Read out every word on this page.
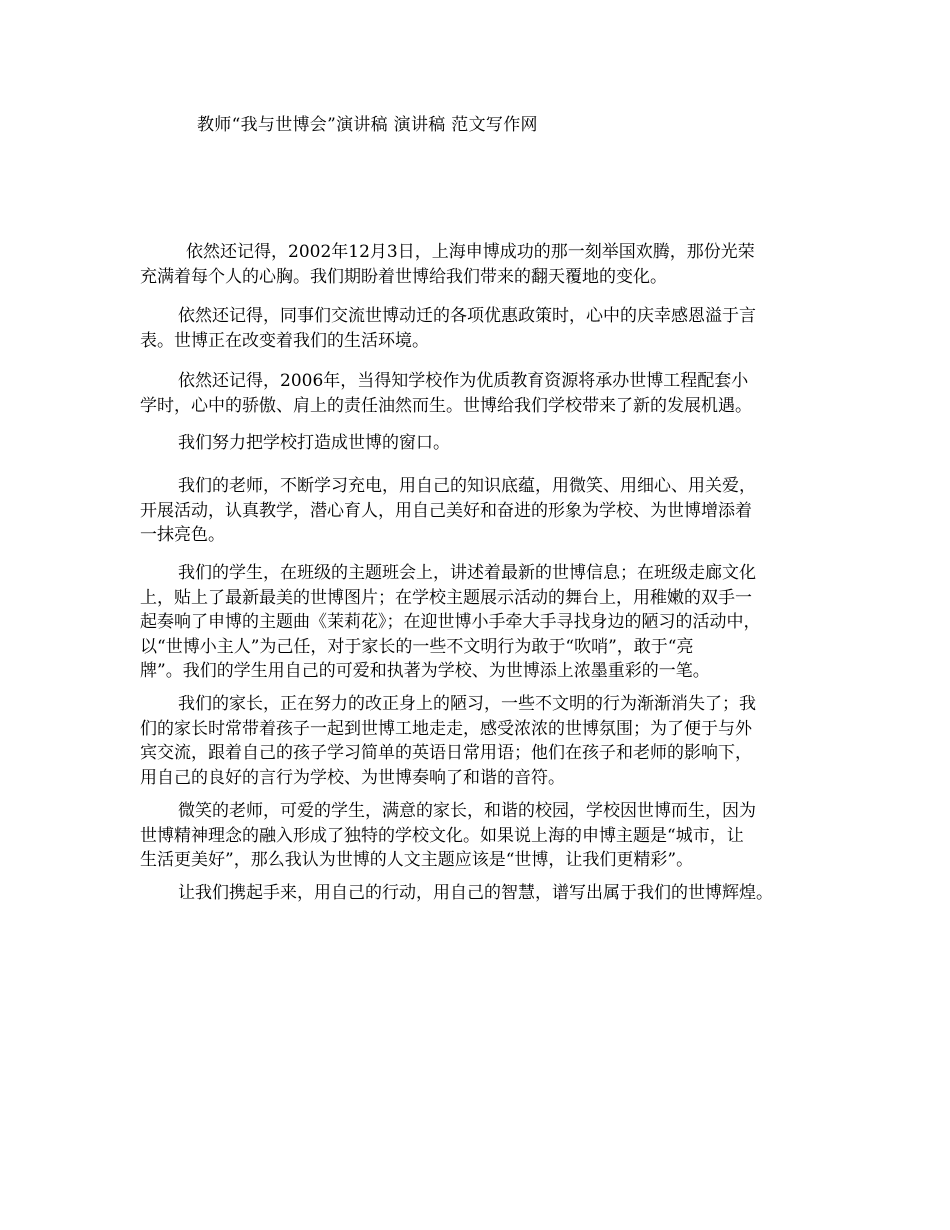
教师“我与世博会”演讲稿 演讲稿 范文写作网

依然还记得，2002年12月3日，上海申博成功的那一刻举国欢腾，那份光荣
充满着每个人的心胸。我们期盼着世博给我们带来的翻天覆地的变化。

依然还记得，同事们交流世博动迁的各项优惠政策时，心中的庆幸感恩溢于言
表。世博正在改变着我们的生活环境。

依然还记得，2006年，当得知学校作为优质教育资源将承办世博工程配套小
学时，心中的骄傲、肩上的责任油然而生。世博给我们学校带来了新的发展机遇。

我们努力把学校打造成世博的窗口。

我们的老师，不断学习充电，用自己的知识底蕴，用微笑、用细心、用关爱，
开展活动，认真教学，潜心育人，用自己美好和奋进的形象为学校、为世博增添着
一抹亮色。

我们的学生，在班级的主题班会上，讲述着最新的世博信息；在班级走廊文化
上，贴上了最新最美的世博图片；在学校主题展示活动的舞台上，用稚嫩的双手一
起奏响了申博的主题曲《茉莉花》；在迎世博小手牵大手寻找身边的陋习的活动中，
以“世博小主人”为己任，对于家长的一些不文明行为敢于“吹哨”，敢于“亮
牌”。我们的学生用自己的可爱和执著为学校、为世博添上浓墨重彩的一笔。

我们的家长，正在努力的改正身上的陋习，一些不文明的行为渐渐消失了；我
们的家长时常带着孩子一起到世博工地走走，感受浓浓的世博氛围；为了便于与外
宾交流，跟着自己的孩子学习简单的英语日常用语；他们在孩子和老师的影响下，
用自己的良好的言行为学校、为世博奏响了和谐的音符。

微笑的老师，可爱的学生，满意的家长，和谐的校园，学校因世博而生，因为
世博精神理念的融入形成了独特的学校文化。如果说上海的申博主题是“城市，让
生活更美好”，那么我认为世博的人文主题应该是“世博，让我们更精彩”。

让我们携起手来，用自己的行动，用自己的智慧，谱写出属于我们的世博辉煌。
